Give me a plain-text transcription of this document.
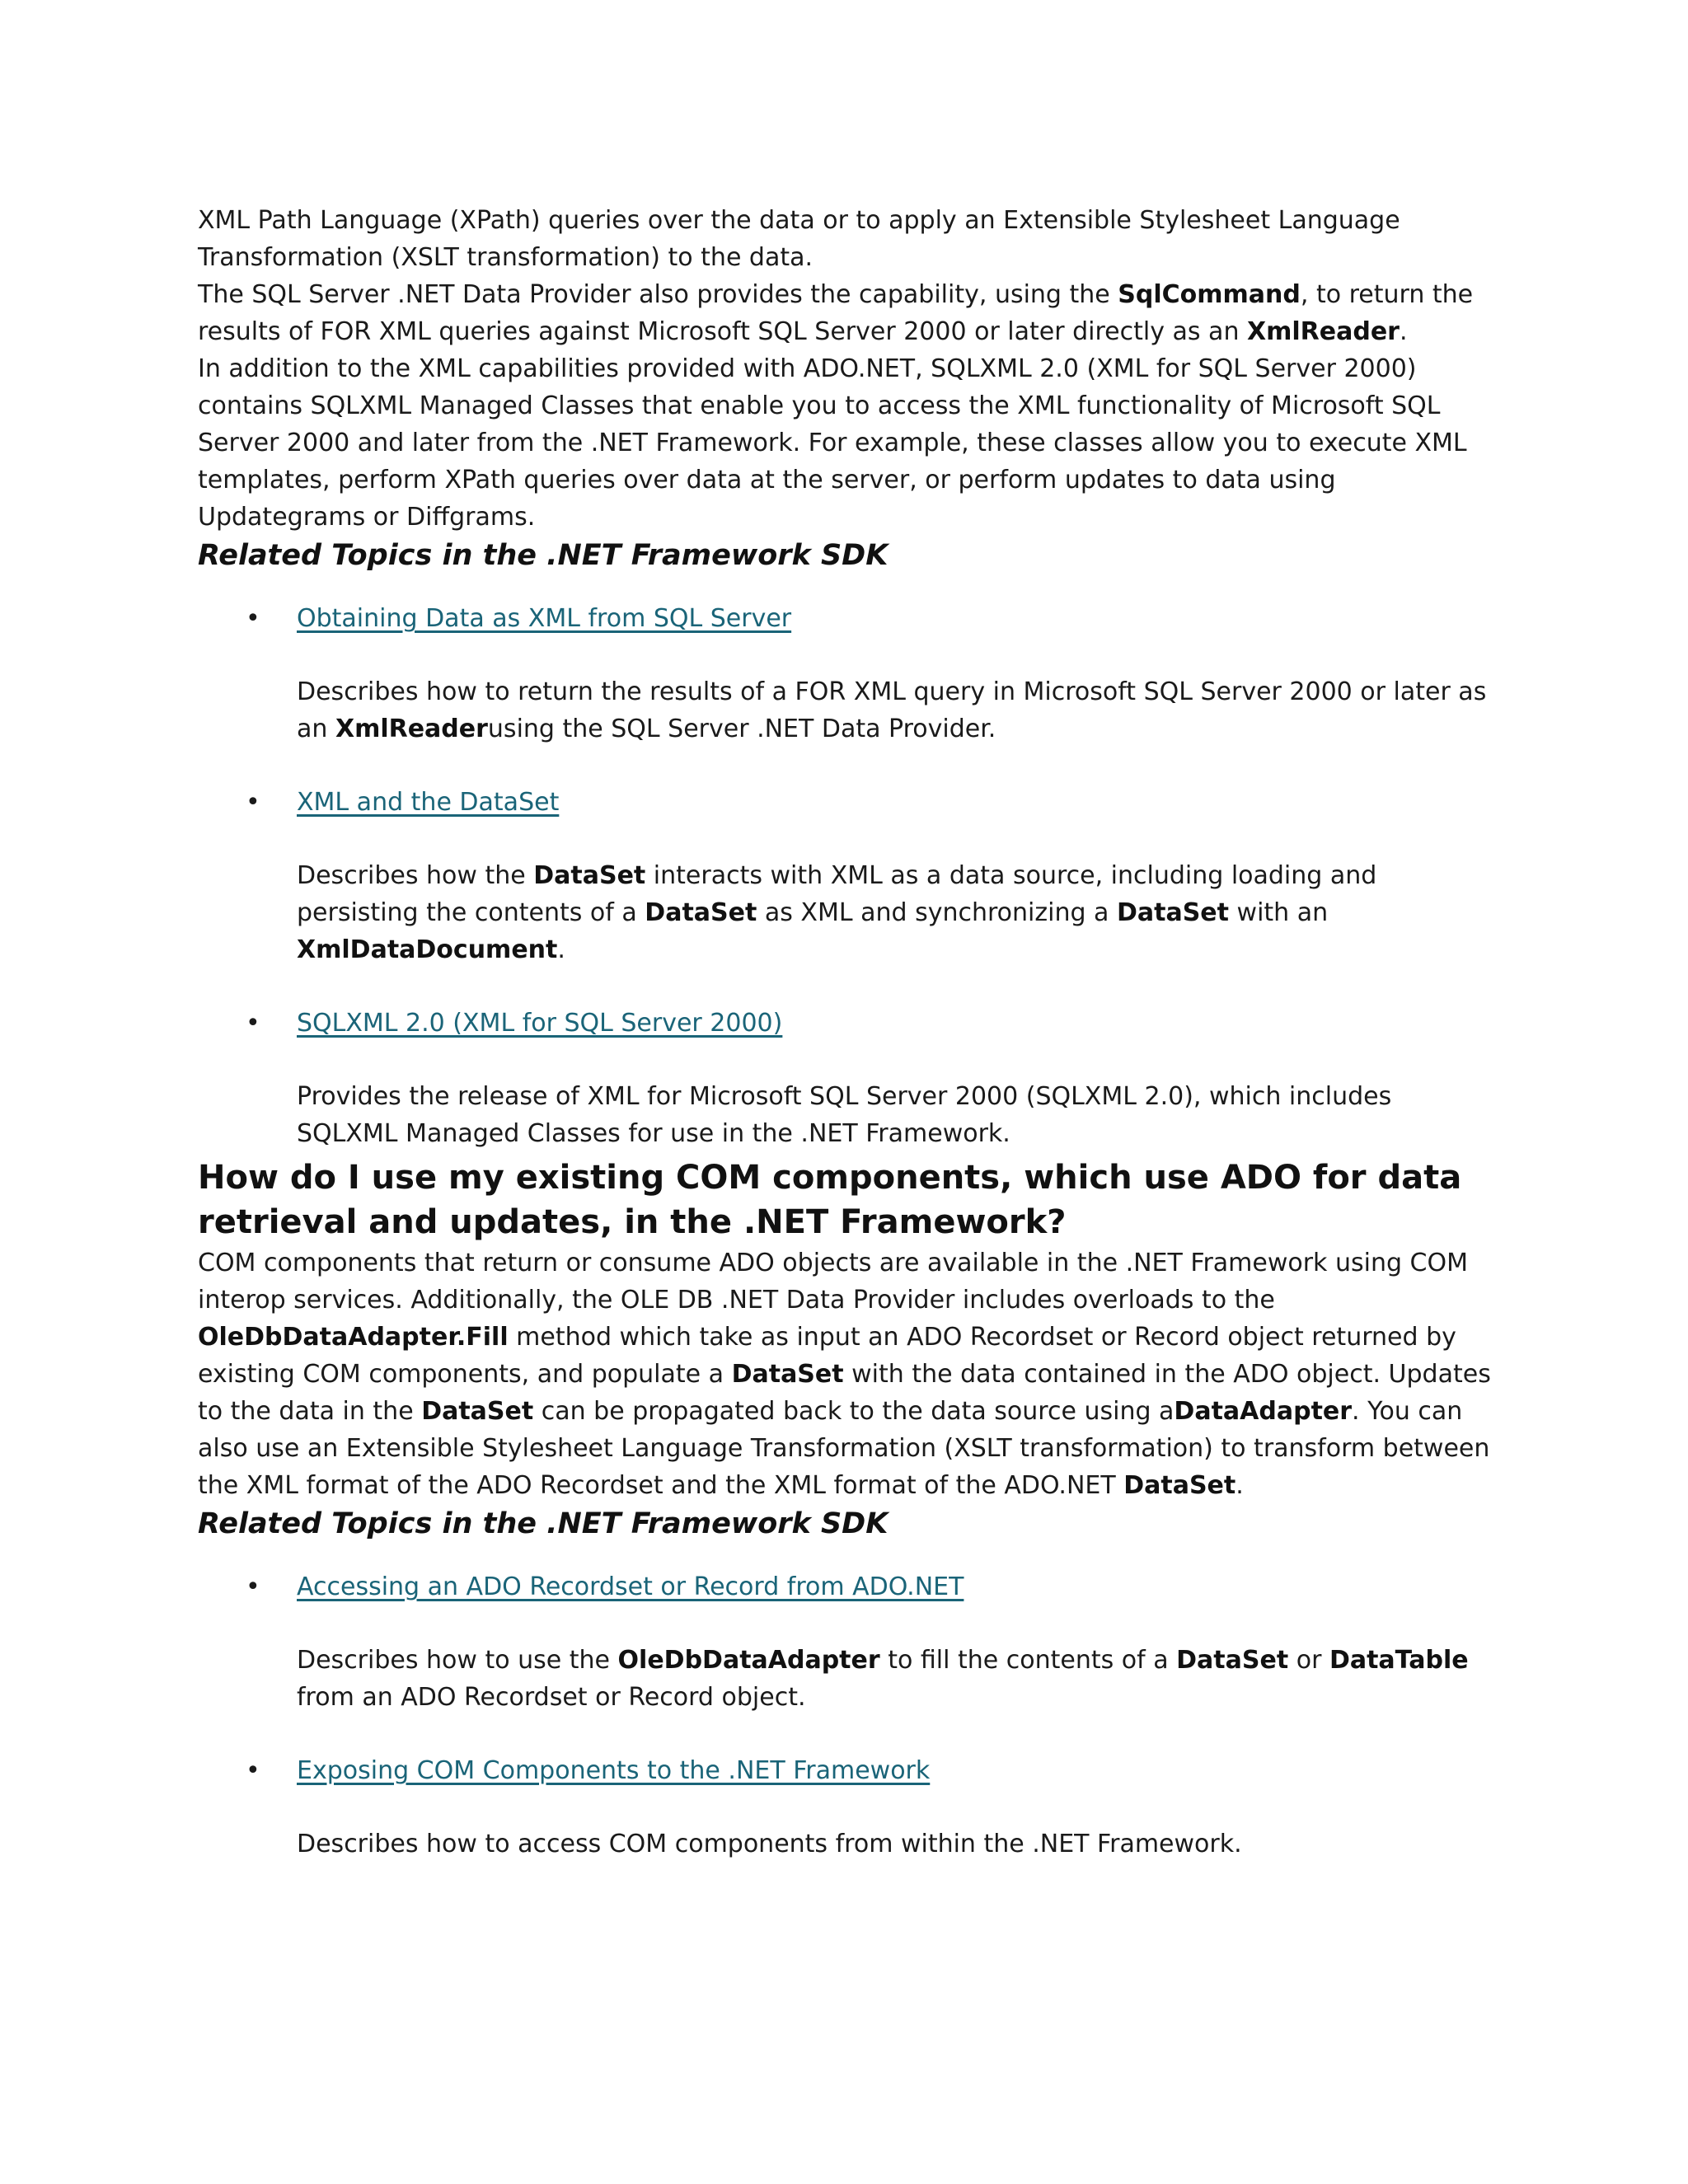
XML Path Language (XPath) queries over the data or to apply an Extensible Stylesheet Language Transformation (XSLT transformation) to the data.

The SQL Server .NET Data Provider also provides the capability, using the SqlCommand, to return the results of FOR XML queries against Microsoft SQL Server 2000 or later directly as an XmlReader.

In addition to the XML capabilities provided with ADO.NET, SQLXML 2.0 (XML for SQL Server 2000) contains SQLXML Managed Classes that enable you to access the XML functionality of Microsoft SQL Server 2000 and later from the .NET Framework. For example, these classes allow you to execute XML templates, perform XPath queries over data at the server, or perform updates to data using Updategrams or Diffgrams.

Related Topics in the .NET Framework SDK
• Obtaining Data as XML from SQL Server

Describes how to return the results of a FOR XML query in Microsoft SQL Server 2000 or later as an XmlReaderusing the SQL Server .NET Data Provider.

• XML and the DataSet

Describes how the DataSet interacts with XML as a data source, including loading and persisting the contents of a DataSet as XML and synchronizing a DataSet with an XmlDataDocument.

• SQLXML 2.0 (XML for SQL Server 2000)

Provides the release of XML for Microsoft SQL Server 2000 (SQLXML 2.0), which includes SQLXML Managed Classes for use in the .NET Framework.

How do I use my existing COM components, which use ADO for data retrieval and updates, in the .NET Framework?

COM components that return or consume ADO objects are available in the .NET Framework using COM interop services. Additionally, the OLE DB .NET Data Provider includes overloads to the OleDbDataAdapter.Fill method which take as input an ADO Recordset or Record object returned by existing COM components, and populate a DataSet with the data contained in the ADO object. Updates to the data in the DataSet can be propagated back to the data source using aDataAdapter. You can also use an Extensible Stylesheet Language Transformation (XSLT transformation) to transform between the XML format of the ADO Recordset and the XML format of the ADO.NET DataSet.

Related Topics in the .NET Framework SDK
• Accessing an ADO Recordset or Record from ADO.NET

Describes how to use the OleDbDataAdapter to fill the contents of a DataSet or DataTable from an ADO Recordset or Record object.

• Exposing COM Components to the .NET Framework

Describes how to access COM components from within the .NET Framework.
